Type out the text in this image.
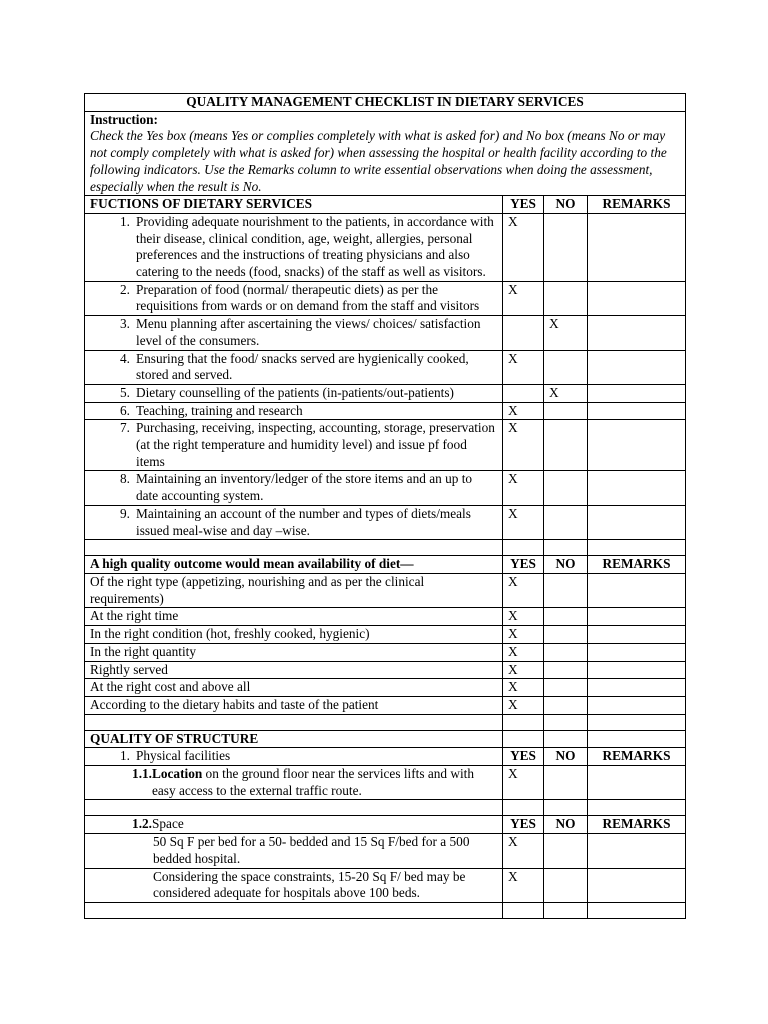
QUALITY MANAGEMENT CHECKLIST IN DIETARY SERVICES			

Instruction:
Check the Yes box (means Yes or complies completely with what is asked for) and No box (means No or may not comply completely with what is asked for) when assessing the hospital or health facility according to the following indicators. Use the Remarks column to write essential observations when doing the assessment, especially when the result is No.			

FUCTIONS OF DIETARY SERVICES	YES	NO	REMARKS

1. Providing adequate nourishment to the patients, in accordance with their disease, clinical condition, age, weight, allergies, personal preferences and the instructions of treating physicians and also catering to the needs (food, snacks) of the staff as well as visitors.	X		

2. Preparation of food (normal/ therapeutic diets) as per the requisitions from wards or on demand from the staff and visitors	X		

3. Menu planning after ascertaining the views/ choices/ satisfaction level of the consumers.		X	

4. Ensuring that the food/ snacks served are hygienically cooked, stored and served.	X		

5. Dietary counselling of the patients (in-patients/out-patients)		X	

6. Teaching, training and research	X		

7. Purchasing, receiving, inspecting, accounting, storage, preservation (at the right temperature and humidity level) and issue pf food items	X		

8. Maintaining an inventory/ledger of the store items and an up to date accounting system.	X		

9. Maintaining an account of the number and types of diets/meals issued meal-wise and day –wise.	X		

A high quality outcome would mean availability of diet—	YES	NO	REMARKS
Of the right type (appetizing, nourishing and as per the clinical requirements)	X		
At the right time	X		
In the right condition (hot, freshly cooked, hygienic)	X		
In the right quantity	X		
Rightly served	X		
At the right cost and above all	X		
According to the dietary habits and taste of the patient	X		

QUALITY OF STRUCTURE			

1. Physical facilities	YES	NO	REMARKS

1.1. Location on the ground floor near the services lifts and with easy access to the external traffic route.	X		

1.2. Space	YES	NO	REMARKS
50 Sq F per bed for a 50- bedded and 15 Sq F/bed for a 500 bedded hospital.	X		
Considering the space constraints, 15-20 Sq F/ bed may be considered adequate for hospitals above 100 beds.	X		
